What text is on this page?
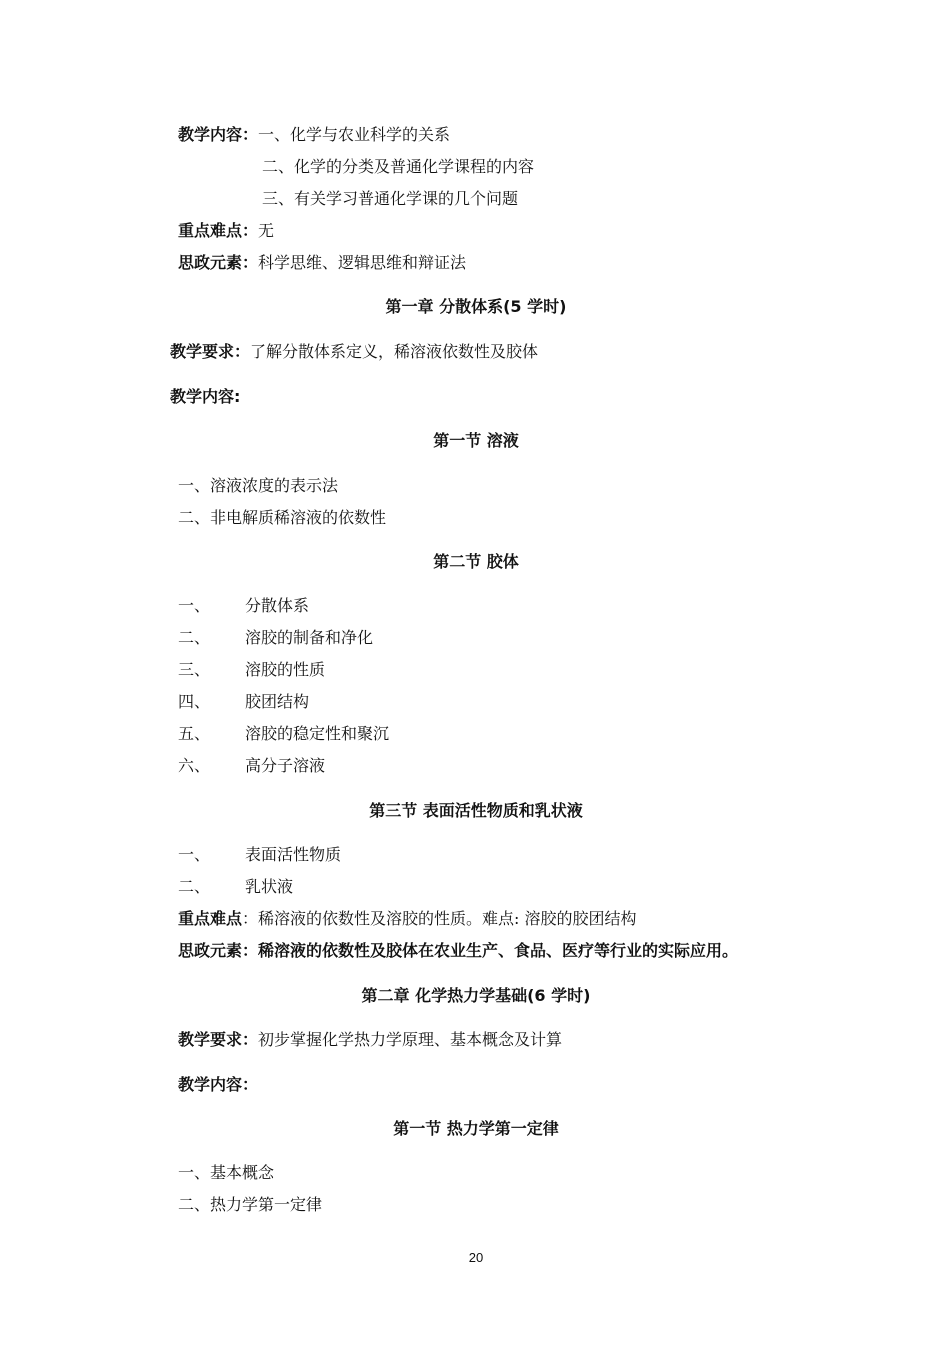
教学内容：一、化学与农业科学的关系
二、化学的分类及普通化学课程的内容
三、有关学习普通化学课的几个问题
重点难点：无
思政元素：科学思维、逻辑思维和辩证法
第一章 分散体系(5 学时)
教学要求：了解分散体系定义，稀溶液依数性及胶体
教学内容:
第一节 溶液
一、溶液浓度的表示法
二、非电解质稀溶液的依数性
第二节 胶体
一、 分散体系
二、 溶胶的制备和净化
三、 溶胶的性质
四、 胶团结构
五、 溶胶的稳定性和聚沉
六、 高分子溶液
第三节 表面活性物质和乳状液
一、 表面活性物质
二、 乳状液
重点难点：稀溶液的依数性及溶胶的性质。难点: 溶胶的胶团结构
思政元素：稀溶液的依数性及胶体在农业生产、食品、医疗等行业的实际应用。
第二章 化学热力学基础(6 学时)
教学要求：初步掌握化学热力学原理、基本概念及计算
教学内容：
第一节 热力学第一定律
一、基本概念
二、热力学第一定律
20
